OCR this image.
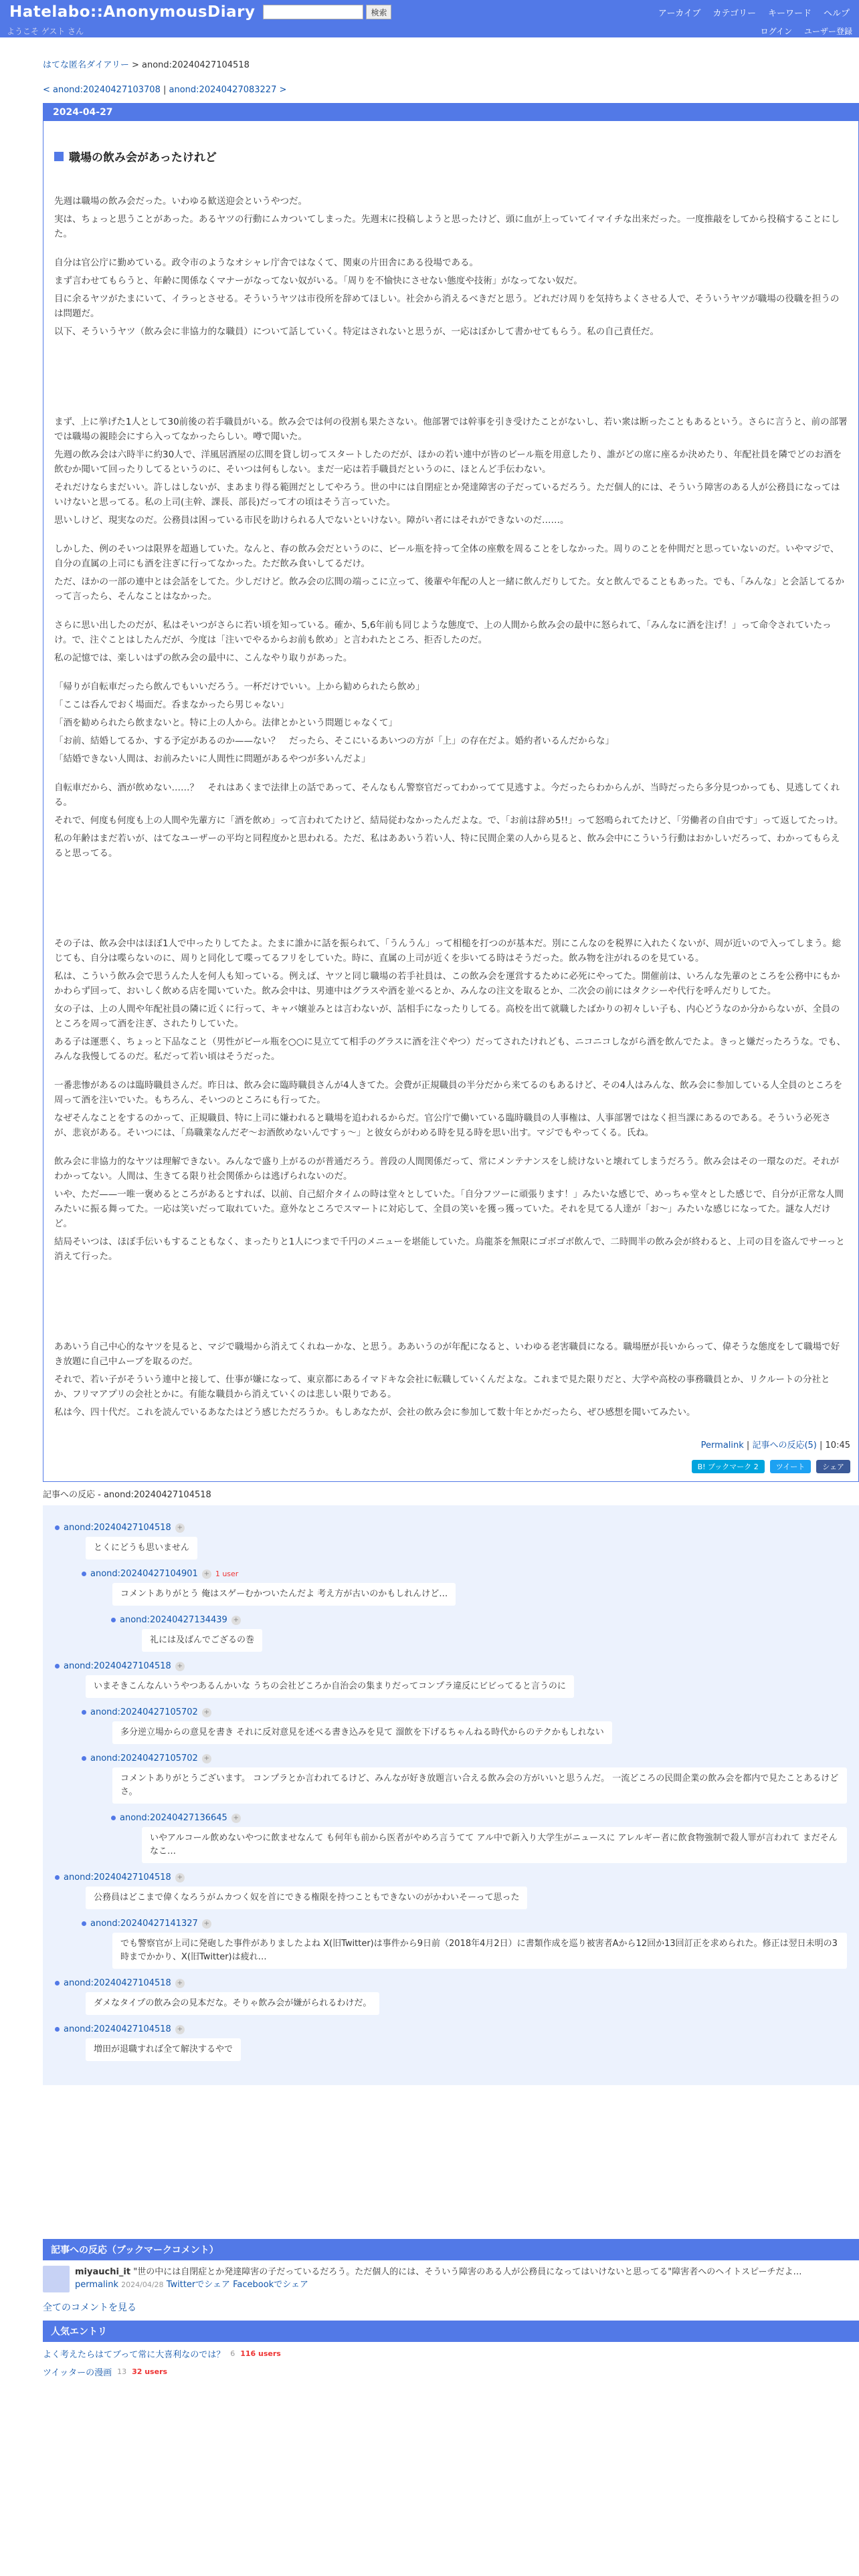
Hatelabo::AnonymousDiary	検索	アーカイブ カテゴリー キーワード ヘルプ
ようこそ ゲスト さん	ログイン ユーザー登録
はてな匿名ダイアリー > anond:20240427104518
< anond:20240427103708 | anond:20240427083227 >
2024-04-27
職場の飲み会があったけれど

先週は職場の飲み会だった。いわゆる歓送迎会というやつだ。

実は、ちょっと思うことがあった。あるヤツの行動にムカついてしまった。先週末に投稿しようと思ったけど、頭に血が上っていてイマイチな出来だった。一度推敲をしてから投稿することにした。

自分は官公庁に勤めている。政令市のようなオシャレ庁舎ではなくて、関東の片田舎にある役場である。

まず言わせてもらうと、年齢に関係なくマナーがなってない奴がいる。「周りを不愉快にさせない態度や技術」がなってない奴だ。

目に余るヤツがたまにいて、イラっとさせる。そういうヤツは市役所を辞めてほしい。社会から消えるべきだと思う。どれだけ周りを気持ちよくさせる人で、そういうヤツが職場の役職を担うのは問題だ。

以下、そういうヤツ（飲み会に非協力的な職員）について話していく。特定はされないと思うが、一応はぼかして書かせてもらう。私の自己責任だ。

まず、上に挙げた1人として30前後の若手職員がいる。飲み会では何の役割も果たさない。他部署では幹事を引き受けたことがないし、若い衆は断ったこともあるという。さらに言うと、前の部署では職場の親睦会にすら入ってなかったらしい。噂で聞いた。

先週の飲み会は六時半に約30人で、洋風居酒屋の広間を貸し切ってスタートしたのだが、ほかの若い連中が皆のビール瓶を用意したり、誰がどの席に座るか決めたり、年配社員を隣でどのお酒を飲むか聞いて回ったりしてるというのに、そいつは何もしない。まだ一応は若手職員だというのに、ほとんど手伝わない。

それだけならまだいい。許しはしないが、まあまり得る範囲だとしてやろう。世の中には自閉症とか発達障害の子だっているだろう。ただ個人的には、そういう障害のある人が公務員になってはいけないと思ってる。私の上司(主幹、課長、部長)だって才の頃はそう言っていた。

思いしけど、現実なのだ。公務員は困っている市民を助けられる人でないといけない。障がい者にはそれができないのだ……。

しかした、例のそいつは限界を超過していた。なんと、春の飲み会だというのに、ビール瓶を持って全体の座敷を周ることをしなかった。周りのことを仲間だと思っていないのだ。いやマジで、自分の直属の上司にも酒を注ぎに行ってなかった。ただ飲み食いしてるだけ。

ただ、ほかの一部の連中とは会話をしてた。少しだけど。飲み会の広間の端っこに立って、後輩や年配の人と一緒に飲んだりしてた。女と飲んでることもあった。でも、「みんな」と会話してるかって言ったら、そんなことはなかった。

さらに思い出したのだが、私はそいつがさらに若い頃を知っている。確か、5,6年前も同じような態度で、上の人間から飲み会の最中に怒られて、「みんなに酒を注げ！」って命令されていたっけ。で、注ぐことはしたんだが、今度は「注いでやるからお前も飲め」と言われたところ、拒否したのだ。

私の記憶では、楽しいはずの飲み会の最中に、こんなやり取りがあった。

「帰りが自転車だったら飲んでもいいだろう。一杯だけでいい。上から勧められたら飲め」

「ここは呑んでおく場面だ。呑まなかったら男じゃない」

「酒を勧められたら飲まないと。特に上の人から。法律とかという問題じゃなくて」

「お前、結婚してるか、する予定があるのか——ない？　だったら、そこにいるあいつの方が「上」の存在だよ。婚約者いるんだからな」

「結婚できない人間は、お前みたいに人間性に問題があるやつが多いんだよ」

自転車だから、酒が飲めない……？　それはあくまで法律上の話であって、そんなもん警察官だってわかってて見逃すよ。今だったらわからんが、当時だったら多分見つかっても、見逃してくれる。

それで、何度も何度も上の人間や先輩方に「酒を飲め」って言われてたけど、結局従わなかったんだよな。で、「お前は辞め5!!」って怒鳴られてたけど、「労働者の自由です」って返してたっけ。

私の年齢はまだ若いが、はてなユーザーの平均と同程度かと思われる。ただ、私はああいう若い人、特に民間企業の人から見ると、飲み会中にこういう行動はおかしいだろって、わかってもらえると思ってる。

その子は、飲み会中はほぼ1人で中ったりしてたよ。たまに誰かに話を振られて、「うんうん」って相槌を打つのが基本だ。別にこんなのを税界に入れたくないが、周が近いので入ってしまう。総じても、自分は喋らないのに、周りと同化して喋ってるフリをしていた。時に、直属の上司が近くを歩いてる時はそうだった。飲み物を注がれるのを見ている。

私は、こういう飲み会で思うんた人を何人も知っている。例えば、ヤツと同じ職場の若手社員は、この飲み会を運営するために必死にやってた。開催前は、いろんな先輩のところを公務中にもかかわらず回って、おいしく飲める店を聞いていた。飲み会中は、男連中はグラスや酒を並べるとか、みんなの注文を取るとか、二次会の前にはタクシーや代行を呼んだりしてた。

女の子は、上の人間や年配社員の隣に近くに行って、キャバ嬢並みとは言わないが、話相手になったりしてる。高校を出て就職したばかりの初々しい子も、内心どうなのか分からないが、全員のところを周って酒を注ぎ、されたりしていた。

ある子は運悪く、ちょっと下品なこと（男性がビール瓶を○○に見立てて相手のグラスに酒を注ぐやつ）だってされたけれども、ニコニコしながら酒を飲んでたよ。きっと嫌だったろうな。でも、みんな我慢してるのだ。私だって若い頃はそうだった。

一番悲惨があるのは臨時職員さんだ。昨日は、飲み会に臨時職員さんが4人きてた。会費が正規職員の半分だから来てるのもあるけど、その4人はみんな、飲み会に参加している人全員のところを周って酒を注いでいた。もちろん、そいつのところにも行ってた。

なぜそんなことをするのかって、正規職員、特に上司に嫌われると職場を追われるからだ。官公庁で働いている臨時職員の人事権は、人事部署ではなく担当課にあるのである。そういう必死さが、悲哀がある。そいつには、「鳥職業なんだぞ〜お酒飲めないんですぅ〜」と彼女らがわめる時を見る時を思い出す。マジでもやってくる。氏ね。

飲み会に非協力的なヤツは理解できない。みんなで盛り上がるのが普通だろう。普段の人間関係だって、常にメンテナンスをし続けないと壊れてしまうだろう。飲み会はその一環なのだ。それがわかってない。人間は、生きてる限り社会関係からは逃げられないのだ。

いや、ただ——一唯一褒めるところがあるとすれば、以前、自己紹介タイムの時は堂々としていた。「自分フツーに頑張ります！」みたいな感じで、めっちゃ堂々とした感じで、自分が正常な人間みたいに振る舞ってた。一応は笑いだって取れていた。意外なところでスマートに対応して、全員の笑いを獲っ獲っていた。それを見てる人達が「お〜」みたいな感じになってた。謎な人だけど。

結局そいつは、ほぼ手伝いもすることもなく、まったりと1人につまで千円のメニューを堪能していた。烏龍茶を無限にゴボゴボ飲んで、二時間半の飲み会が終わると、上司の目を盗んでサーっと消えて行った。

ああいう自己中心的なヤツを見ると、マジで職場から消えてくれねーかな、と思う。ああいうのが年配になると、いわゆる老害職員になる。職場歴が長いからって、偉そうな態度をして職場で好き放題に自己中ムーブを取るのだ。

それで、若い子がそういう連中と接して、仕事が嫌になって、東京都にあるイマドキな会社に転職していくんだよな。これまで見た限りだと、大学や高校の事務職員とか、リクルートの分社とか、フリマアプリの会社とかに。有能な職員から消えていくのは悲しい限りである。

私は今、四十代だ。これを読んでいるあなたはどう感じただろうか。もしあなたが、会社の飲み会に参加して数十年とかだったら、ぜひ感想を聞いてみたい。

Permalink | 記事への反応(5) | 10:45
B! ブックマーク 2	ツイート	シェア
記事への反応 - anond:20240427104518
anond:20240427104518 +
とくにどうも思いません
anond:20240427104901 + 1 user
コメントありがとう 俺はスゲーむかついたんだよ 考え方が古いのかもしれんけど…
anond:20240427134439 +
礼には及ばんでござるの巻
anond:20240427104518 +
いまそきこんなんいうやつあるんかいな うちの会社どころか自治会の集まりだってコンプラ違反にビビってると言うのに
anond:20240427105702 +
多分逆立場からの意見を書き それに反対意見を述べる書き込みを見て 溜飲を下げるちゃんねる時代からのテクかもしれない
anond:20240427105702 +
コメントありがとうございます。 コンプラとか言われてるけど、みんなが好き放題言い合える飲み会の方がいいと思うんだ。 一流どころの民間企業の飲み会を都内で見たことあるけどさ。
anond:20240427136645 +
いやアルコール飲めないやつに飲ませなんて も何年も前から医者がやめろ言うてて アル中で新入り大学生がニュースに アレルギー者に飲食物強制で殺人罪が言われて まだそんなこ…
anond:20240427104518 +
公務員はどこまで偉くなろうがムカつく奴を首にできる権限を持つこともできないのがかわいそーって思った
anond:20240427141327 +
でも警察官が上司に発砲した事件がありましたよね X(旧Twitter)は事件から9日前（2018年4月2日）に書類作成を巡り被害者Aから12回か13回訂正を求められた。修正は翌日未明の3時までかかり、X(旧Twitter)は疲れ…
anond:20240427104518 +
ダメなタイプの飲み会の見本だな。そりゃ飲み会が嫌がられるわけだ。
anond:20240427104518 +
増田が退職すれば全て解決するやで
記事への反応（ブックマークコメント）
miyauchi_it "世の中には自閉症とか発達障害の子だっているだろう。ただ個人的には、そういう障害のある人が公務員になってはいけないと思ってる"障害者へのヘイトスピーチだよ…
permalink 2024/04/28 Twitterでシェア Facebookでシェア
全てのコメントを見る
人気エントリ
よく考えたらはてブって常に大喜利なのでは？ 6 116 users
ツイッターの漫画 13 32 users
